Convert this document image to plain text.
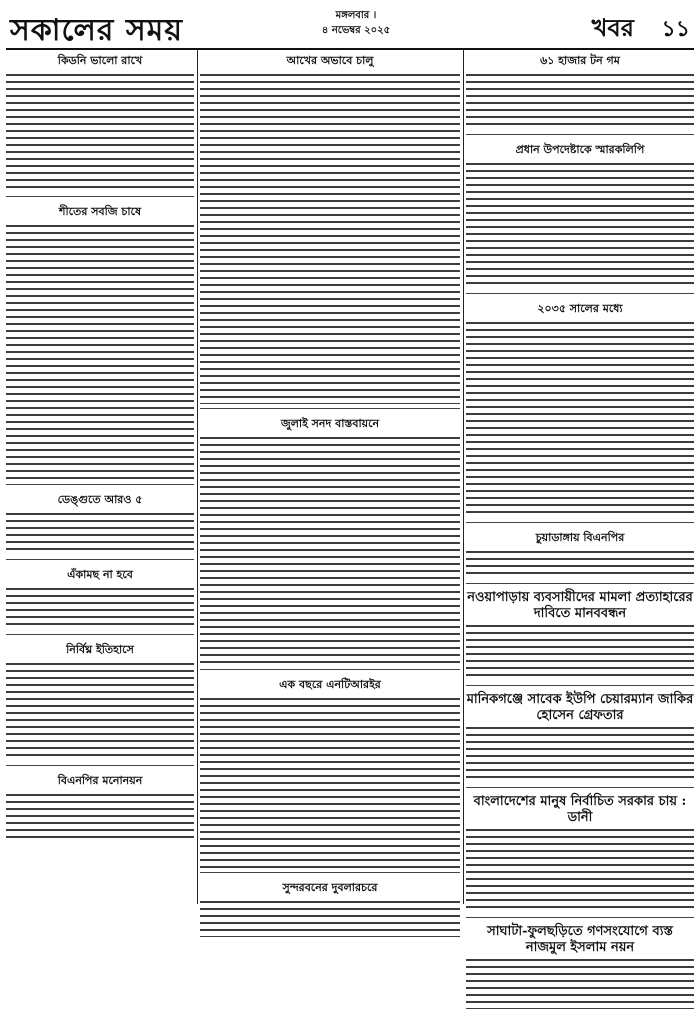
সকালের সময়	মঙ্গলবার ।
৪ নভেম্বর ২০২৫	খবর ১১
কিডনি ভালো রাখে
শীতের সবজি চাষে
ডেঙ্গুতে আরও ৫
এঁকামছ না হবে
নির্বিঘ্ন ইতিহাসে
বিএনপির মনোনয়ন
আখের অভাবে চালু
জুলাই সনদ বাস্তবায়নে
এক বছরে এনটিআরইর
সুন্দরবনের দুবলারচরে
৬১ হাজার টন গম
প্রধান উপদেষ্টাকে স্মারকলিপি
২০৩৫ সালের মধ্যে
চুয়াডাঙ্গায় বিএনপির
নওয়াপাড়ায় ব্যবসায়ীদের মামলা প্রত্যাহারের দাবিতে মানববন্ধন
মানিকগঞ্জে সাবেক ইউপি চেয়ারম্যান জাকির হোসেন গ্রেফতার
বাংলাদেশের মানুষ নির্বাচিত সরকার চায় : ডানী
সাঘাটা-ফুলছড়িতে গণসংযোগে ব্যস্ত নাজমুল ইসলাম নয়ন
